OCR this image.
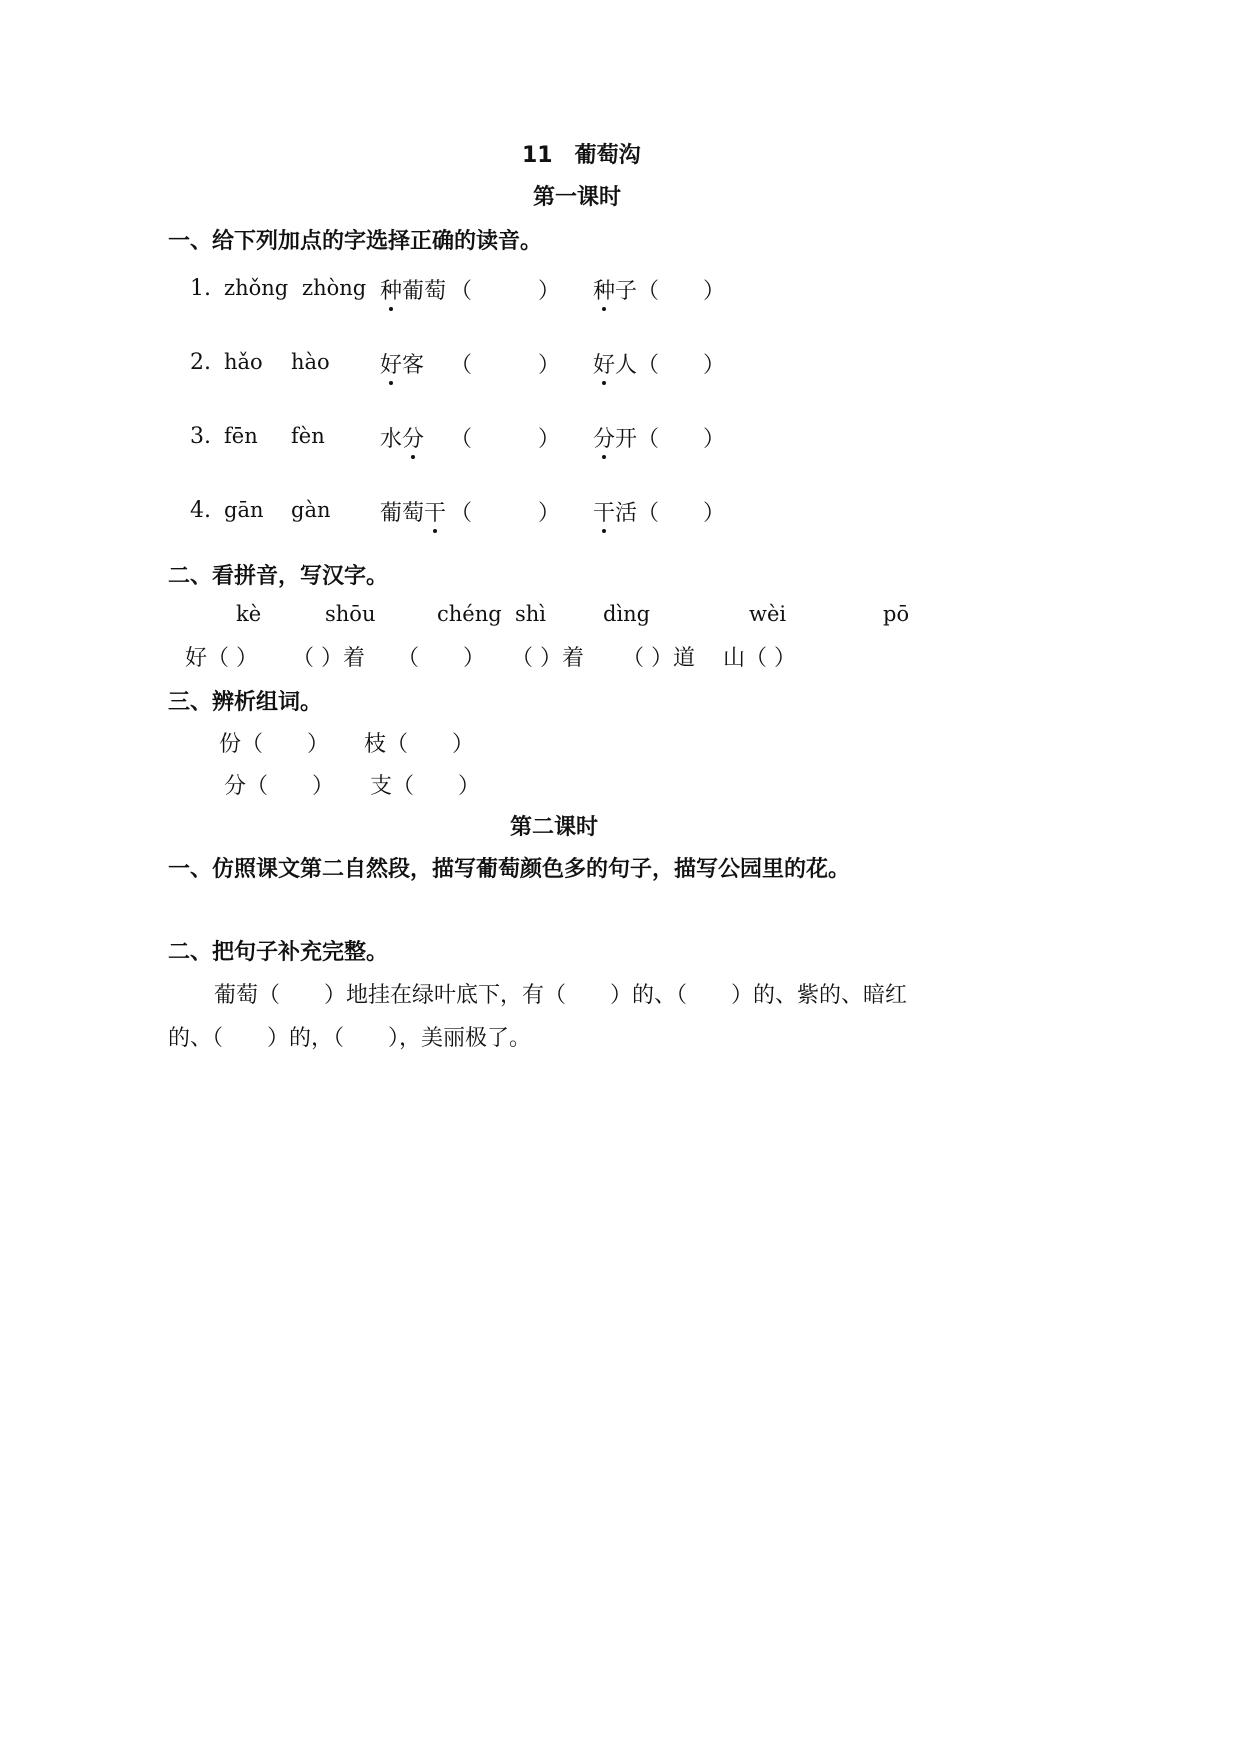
11　葡萄沟
第一课时
一、给下列加点的字选择正确的读音。
1. zhǒng zhòng 种葡萄 （　　　） 种子 （　　）
2. hǎo hào 好客 （　　　） 好人 （　　）
3. fēn fèn	水分 （　　　） 分开 （　　）
4. gān gàn 葡萄干 （　　　） 干活 （　　）
二、看拼音，写汉字。
kè	shōu	chéng shì	dìng	wèi	pō
好（ ） （ ）着 （　　） （ ）着 （ ）道 山（ ）
三、辨析组词。
份（　　） 枝（　　）
分（　　） 支（　　）
第二课时
一、仿照课文第二自然段，描写葡萄颜色多的句子，描写公园里的花。
二、把句子补充完整。
葡萄（　　）地挂在绿叶底下，有（　　）的、（　　）的、紫的、暗红
的、（　　）的，（　　），美丽极了。
